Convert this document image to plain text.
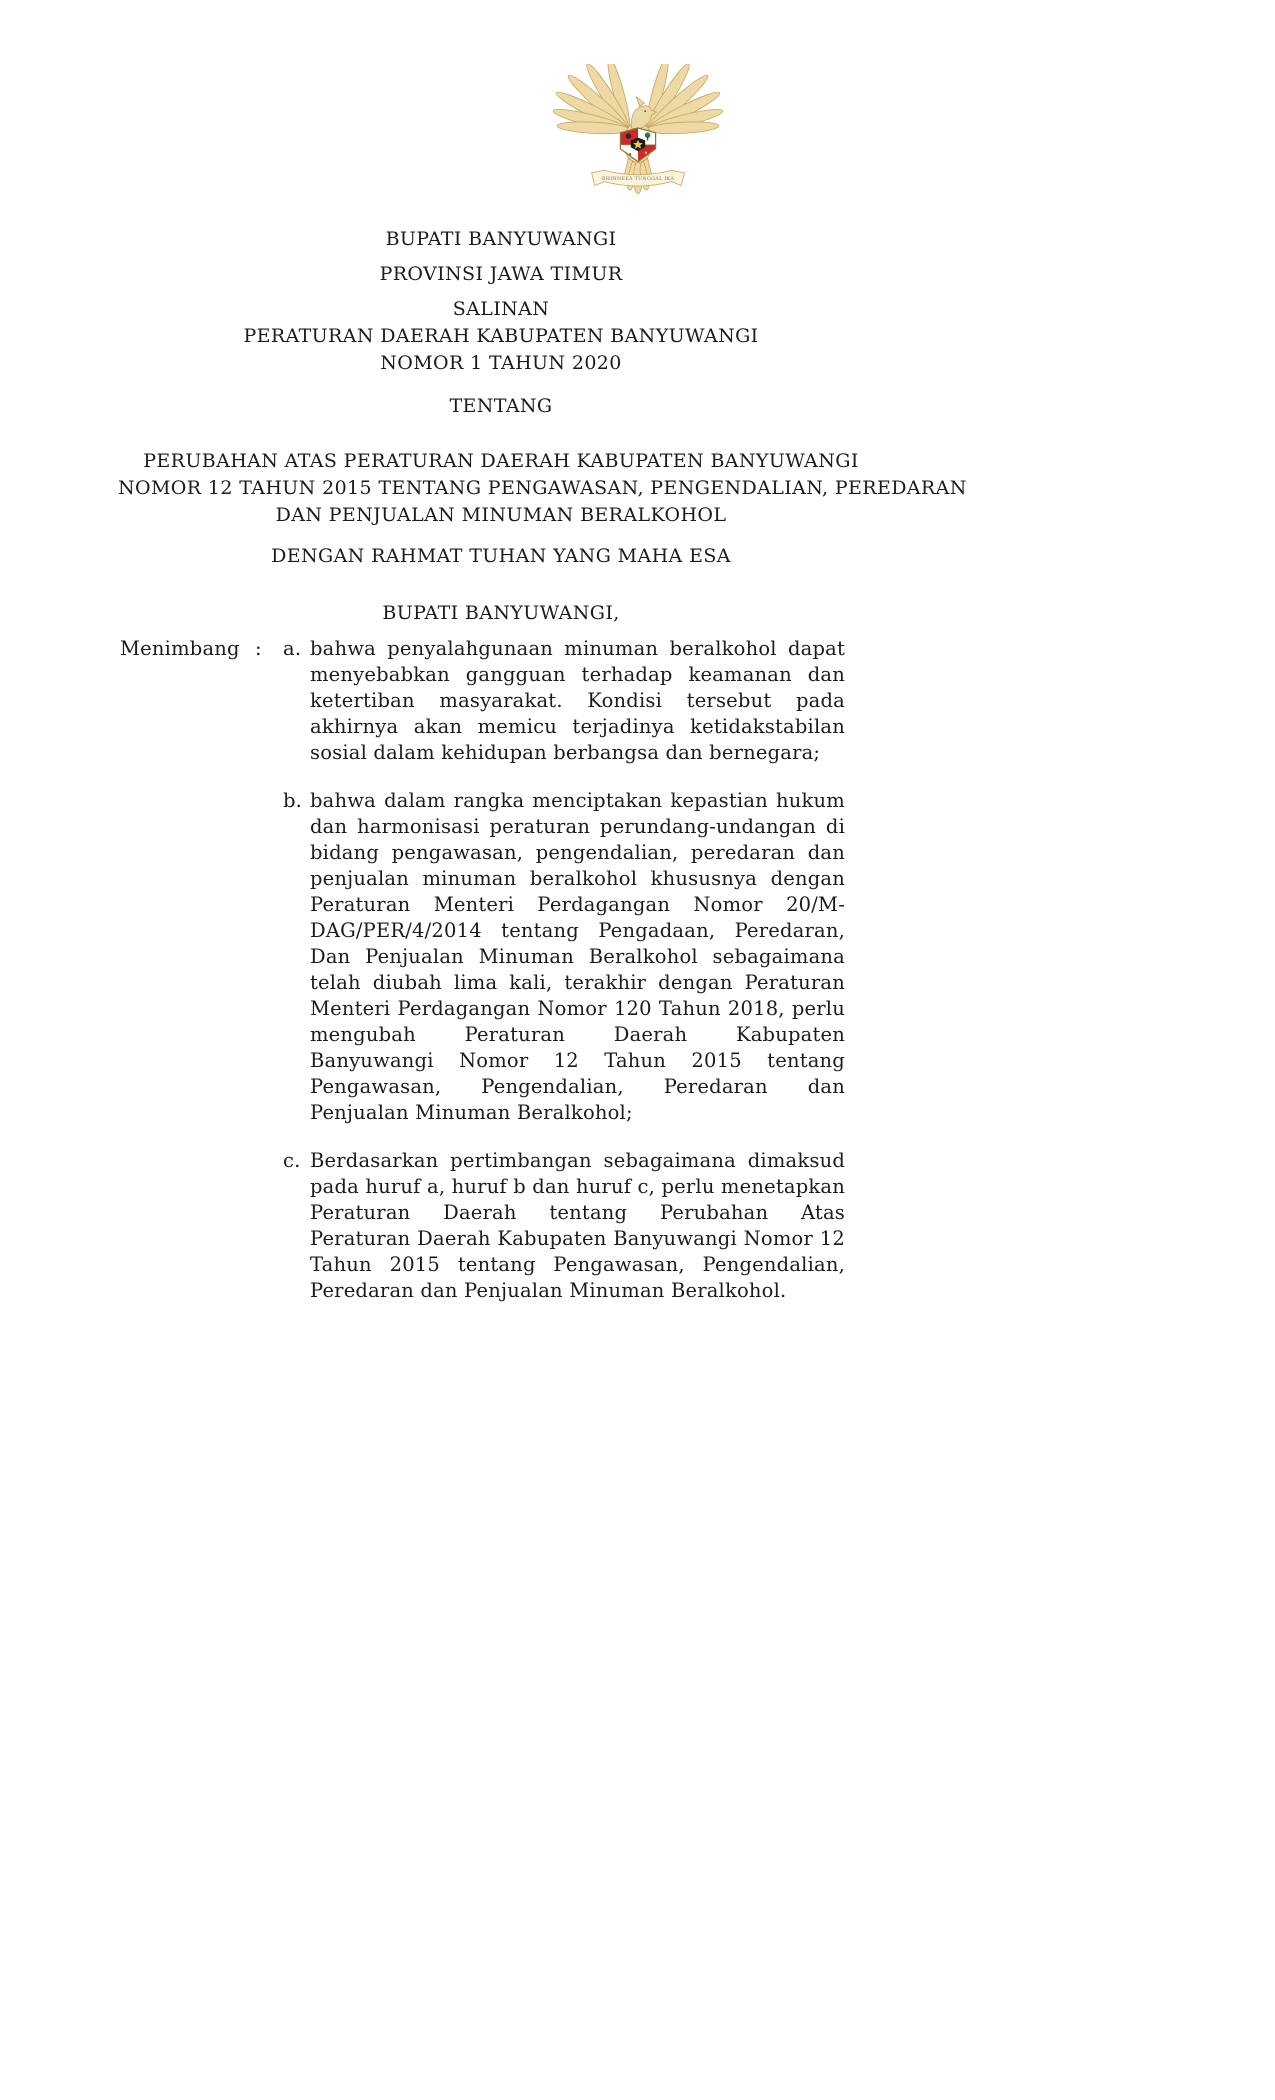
BHINNEKA TUNGGAL IKA
BUPATI BANYUWANGI
PROVINSI JAWA TIMUR
SALINAN
PERATURAN DAERAH KABUPATEN BANYUWANGI
NOMOR 1 TAHUN 2020
TENTANG
PERUBAHAN ATAS PERATURAN DAERAH KABUPATEN BANYUWANGI
NOMOR 12 TAHUN 2015 TENTANG PENGAWASAN, PENGENDALIAN, PEREDARAN
DAN PENJUALAN MINUMAN BERALKOHOL
DENGAN RAHMAT TUHAN YANG MAHA ESA
BUPATI BANYUWANGI,
Menimbang : a. bahwa penyalahgunaan minuman beralkohol dapat menyebabkan gangguan terhadap keamanan dan ketertiban masyarakat. Kondisi tersebut pada akhirnya akan memicu terjadinya ketidakstabilan sosial dalam kehidupan berbangsa dan bernegara;
b. bahwa dalam rangka menciptakan kepastian hukum dan harmonisasi peraturan perundang-undangan di bidang pengawasan, pengendalian, peredaran dan penjualan minuman beralkohol khususnya dengan Peraturan Menteri Perdagangan Nomor 20/M-DAG/PER/4/2014 tentang Pengadaan, Peredaran, Dan Penjualan Minuman Beralkohol sebagaimana telah diubah lima kali, terakhir dengan Peraturan Menteri Perdagangan Nomor 120 Tahun 2018, perlu mengubah Peraturan Daerah Kabupaten Banyuwangi Nomor 12 Tahun 2015 tentang Pengawasan, Pengendalian, Peredaran dan Penjualan Minuman Beralkohol;
c. Berdasarkan pertimbangan sebagaimana dimaksud pada huruf a, huruf b dan huruf c, perlu menetapkan Peraturan Daerah tentang Perubahan Atas Peraturan Daerah Kabupaten Banyuwangi Nomor 12 Tahun 2015 tentang Pengawasan, Pengendalian, Peredaran dan Penjualan Minuman Beralkohol.
